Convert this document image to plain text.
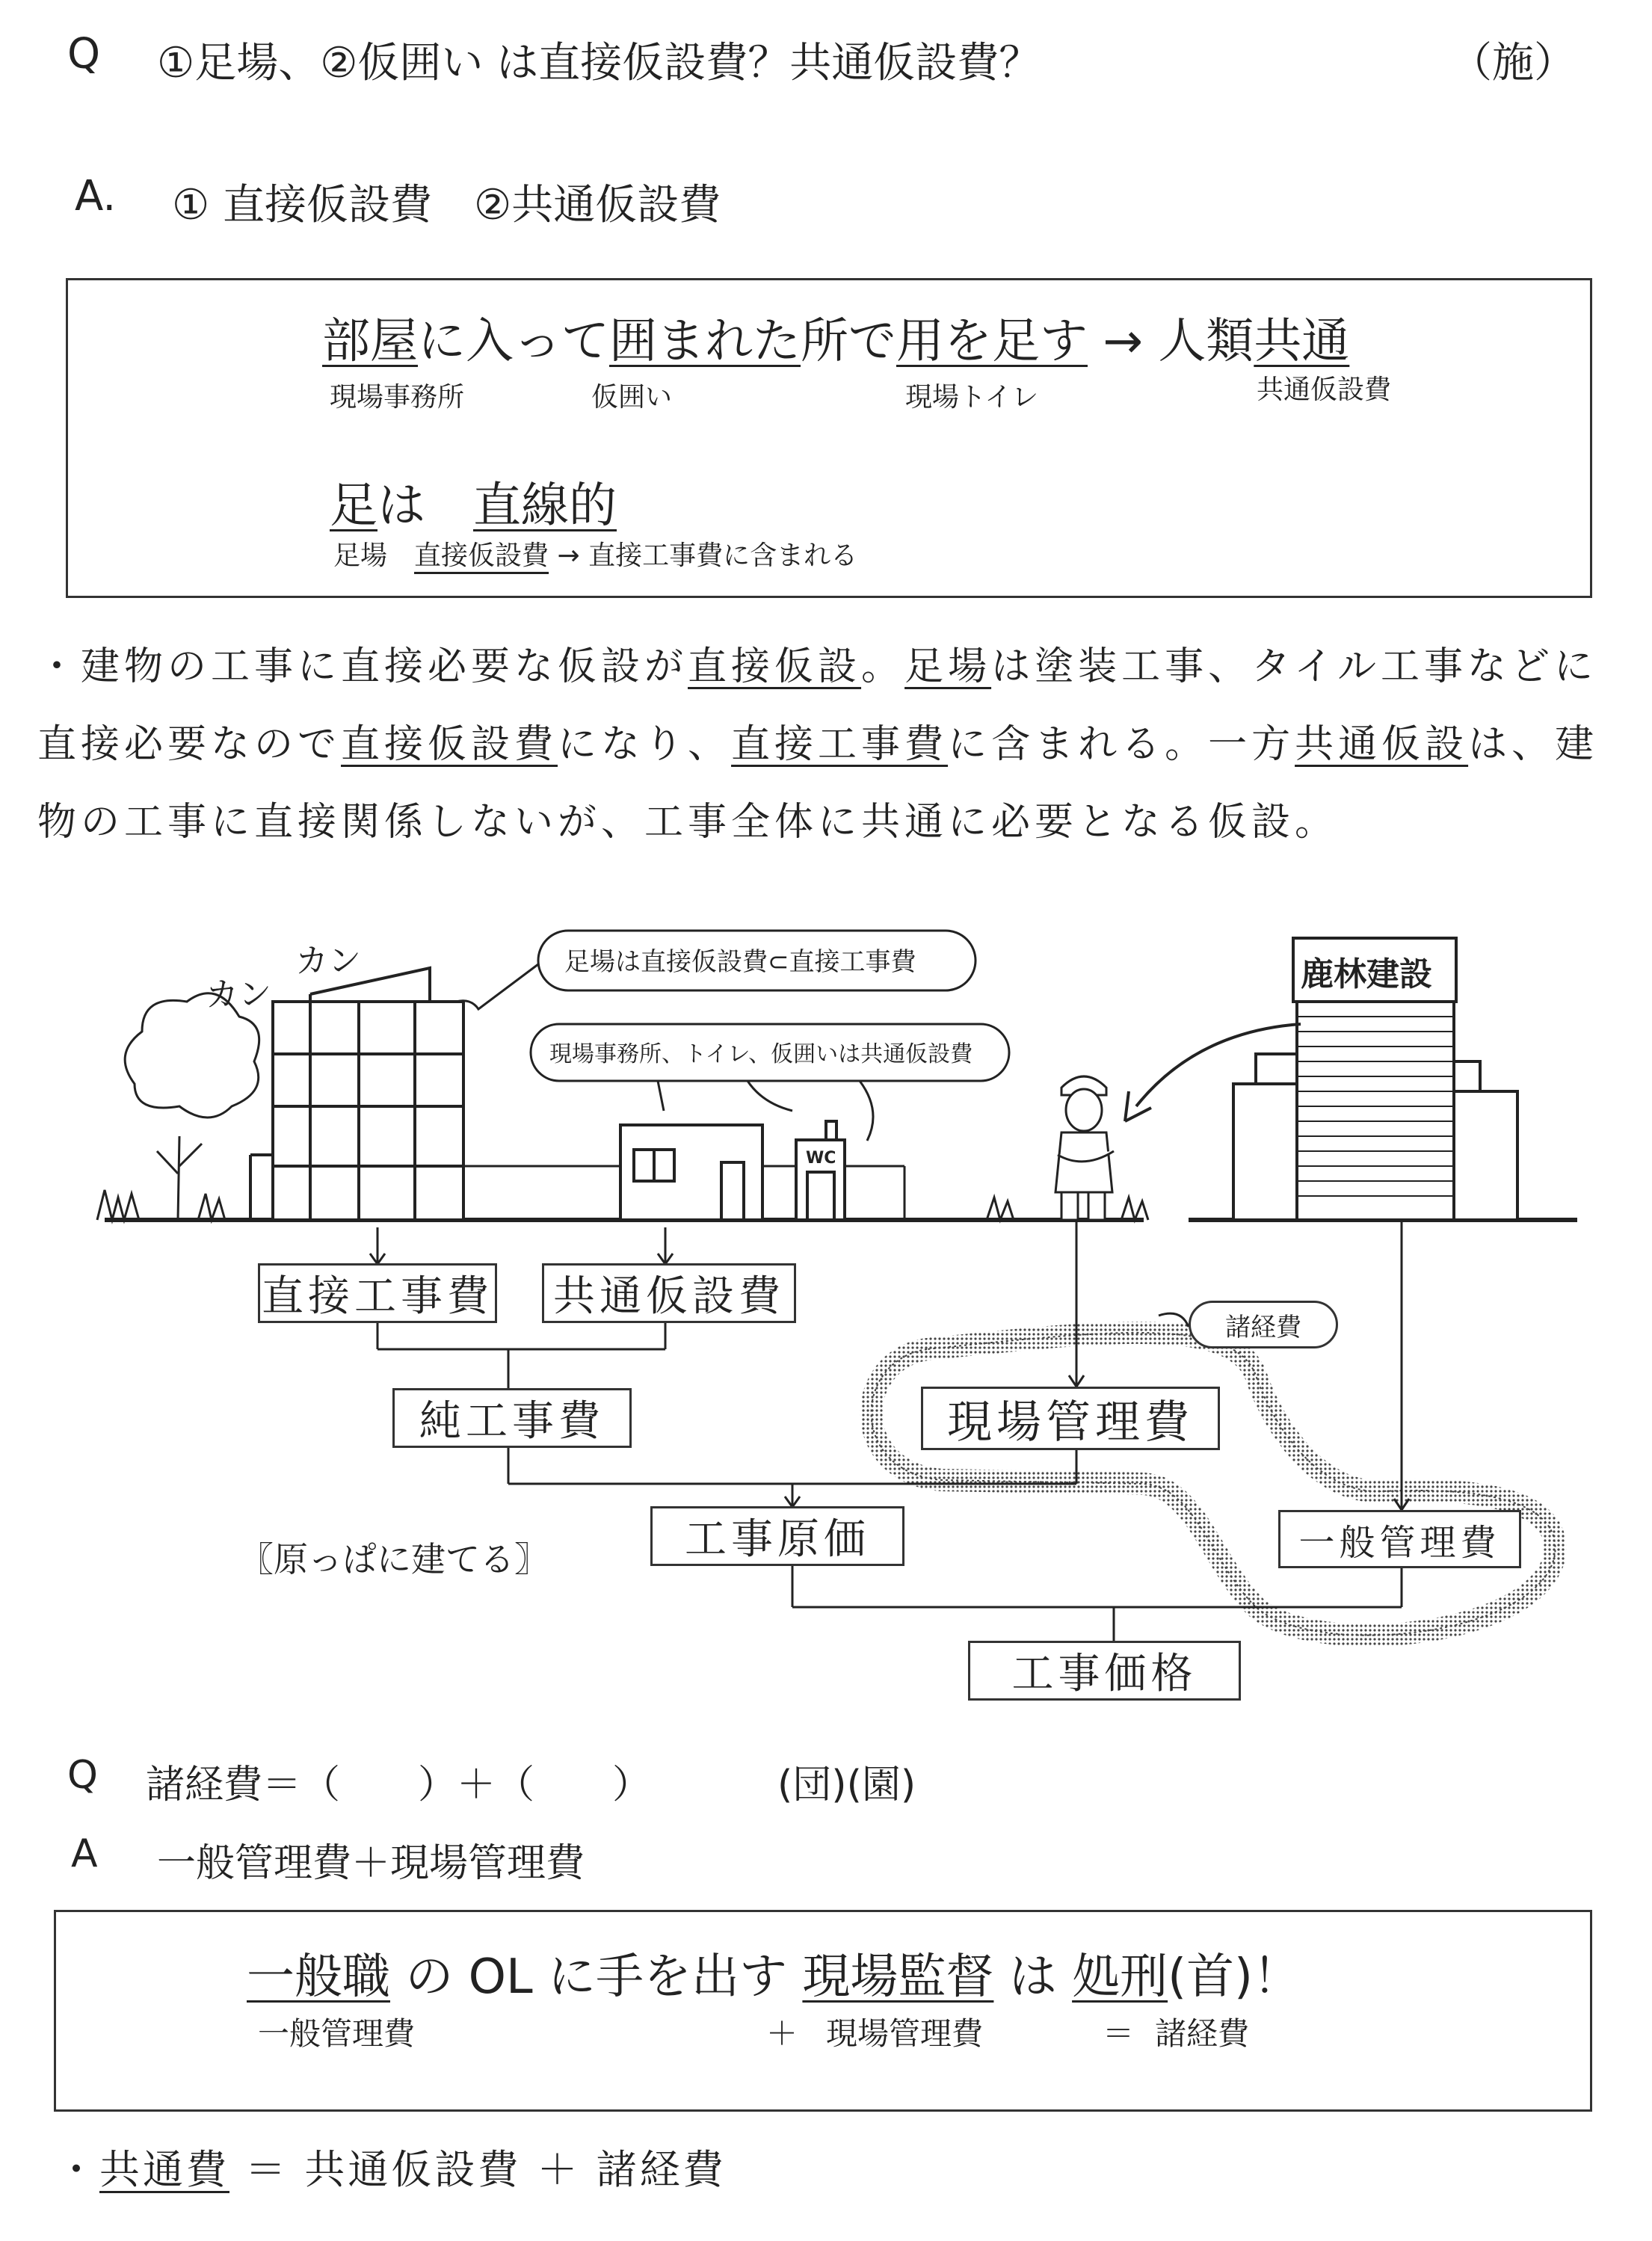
Q ①足場、②仮囲い は直接仮設費？共通仮設費？	（施）
A. ① 直接仮設費　②共通仮設費
部屋に入って囲まれた所で用を足す → 人類共通
現場事務所	仮囲い	現場トイレ	共通仮設費
足は　 直線的
足場　 直接仮設費 → 直接工事費に含まれる
・建物の工事に直接必要な仮設が直接仮設。足場は塗装工事、タイル工事などに直接必要なので直接仮設費になり、直接工事費に含まれる。一方共通仮設は、建物の工事に直接関係しないが、工事全体に共通に必要となる仮設。
カン
カン
WC
足場は直接仮設費⊂直接工事費
現場事務所、トイレ、仮囲いは共通仮設費
鹿林建設
直接工事費 共通仮設費
純工事費	現場管理費
諸経費
工事原価	一般管理費
工事価格
〖原っぱに建てる〗
Q 諸経費＝（　　）＋（　　）	(団)(園)
A 一般管理費＋現場管理費
一般職 の OL に手を出す 現場監督 は 処刑(首)！
一般管理費	＋ 現場管理費	＝ 諸経費
・共通費 ＝ 共通仮設費 ＋ 諸経費
